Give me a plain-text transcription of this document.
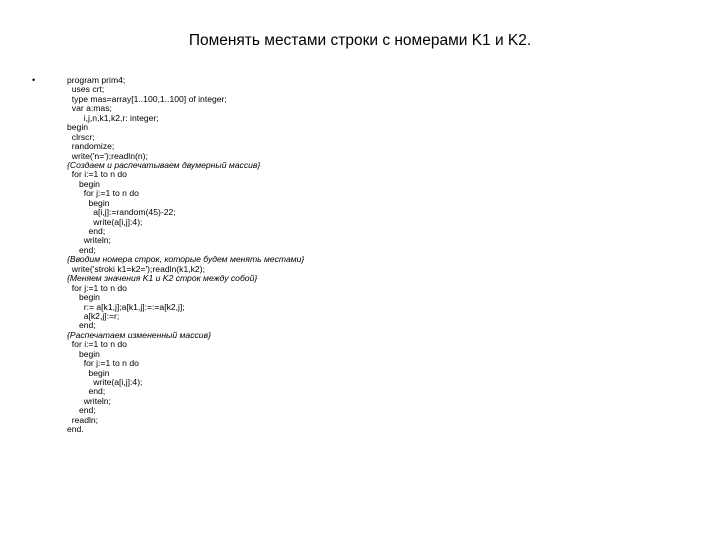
Поменять местами строки с номерами K1 и K2.
•	program prim4;
uses crt;
type mas=array[1..100,1..100] of integer;
var a:mas;
i,j,n,k1,k2,r: integer;
begin
clrscr;
randomize;
write('n=');readln(n);
{Создаем и распечатываем двумерный массив}
for i:=1 to n do
begin
for j:=1 to n do
begin
a[i,j]:=random(45)-22;
write(a[i,j]:4);
end;
writeln;
end;
{Вводим номера строк, которые будем менять местами}
write('stroki k1=k2=');readln(k1,k2);
{Меняем значения K1 и K2 строк между собой}
for j:=1 to n do
begin
r:= a[k1,j];a[k1,j]:=:=a[k2,j];
a[k2,j]:=r;
end;
{Распечатаем измененный массив}
for i:=1 to n do
begin
for j:=1 to n do
begin
write(a[i,j]:4);
end;
writeln;
end;
readln;
end.
